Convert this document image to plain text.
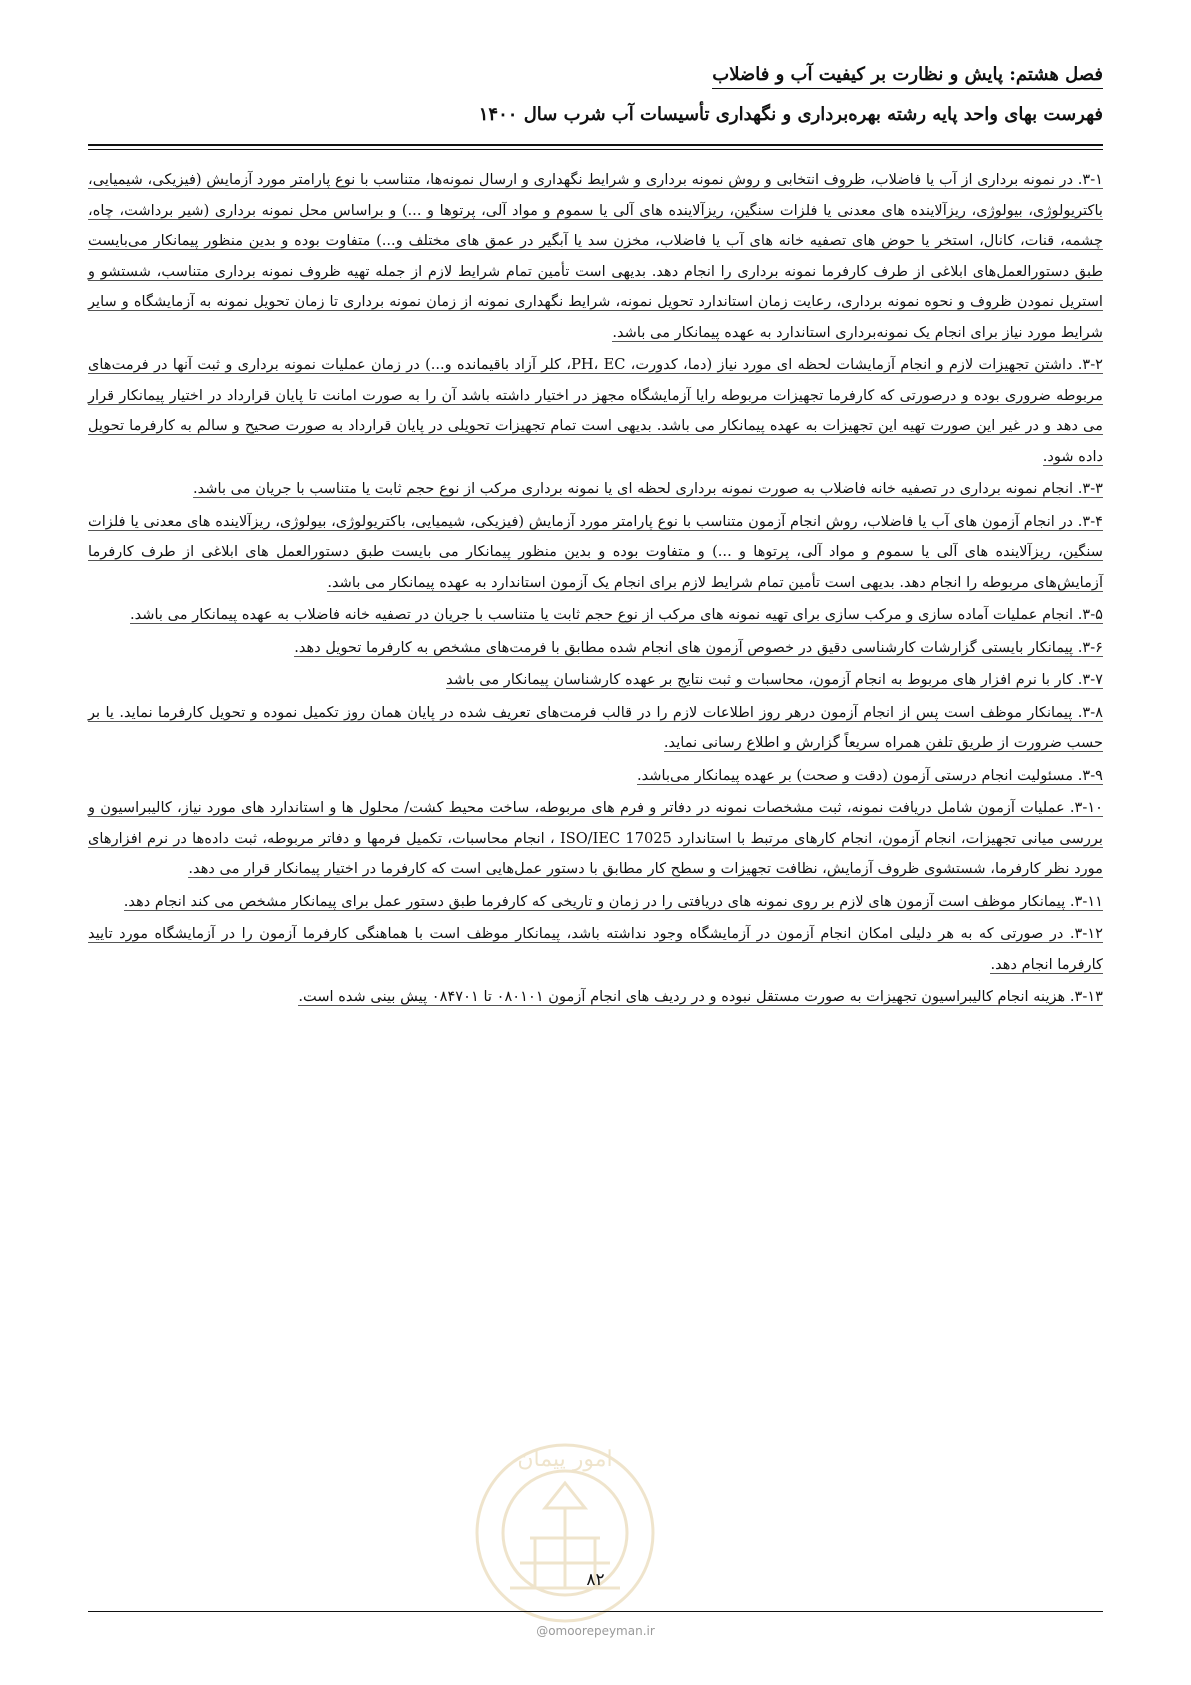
فصل هشتم: پایش و نظارت بر کیفیت آب و فاضلاب
فهرست بهای واحد پایه رشته بهره‌برداری و نگهداری تأسیسات آب شرب سال ۱۴۰۰

۳-۱. در نمونه برداری از آب یا فاضلاب، ظروف انتخابی و روش نمونه برداری و شرایط نگهداری و ارسال نمونه‌ها، متناسب با نوع پارامتر مورد آزمایش (فیزیکی، شیمیایی، باکتریولوژی، بیولوژی، ریزآلاینده های معدنی یا فلزات سنگین، ریزآلاینده های آلی یا سموم و مواد آلی، پرتوها و ...) و براساس محل نمونه برداری (شیر برداشت، چاه، چشمه، قنات، کانال، استخر یا حوض های تصفیه خانه های آب یا فاضلاب، مخزن سد یا آبگیر در عمق های مختلف و...) متفاوت بوده و بدین منظور پیمانکار می‌بایست طبق دستورالعمل‌های ابلاغی از طرف کارفرما نمونه برداری را انجام دهد. بدیهی است تأمین تمام شرایط لازم از جمله تهیه ظروف نمونه برداری متناسب، شستشو و استریل نمودن ظروف و نحوه نمونه برداری، رعایت زمان استاندارد تحویل نمونه، شرایط نگهداری نمونه از زمان نمونه برداری تا زمان تحویل نمونه به آزمایشگاه و سایر شرایط مورد نیاز برای انجام یک نمونه‌برداری استاندارد به عهده پیمانکار می باشد.

۳-۲. داشتن تجهیزات لازم و انجام آزمایشات لحظه ای مورد نیاز (دما، کدورت، PH، EC، کلر آزاد باقیمانده و...) در زمان عملیات نمونه برداری و ثبت آنها در فرمت‌های مربوطه ضروری بوده و درصورتی که کارفرما تجهیزات مربوطه رایا آزمایشگاه مجهز در اختیار داشته باشد آن را به صورت امانت تا پایان قرارداد در اختیار پیمانکار قرار می دهد و در غیر این صورت تهیه این تجهیزات به عهده پیمانکار می باشد. بدیهی است تمام تجهیزات تحویلی در پایان قرارداد به صورت صحیح و سالم به کارفرما تحویل داده شود.

۳-۳. انجام نمونه برداری در تصفیه خانه فاضلاب به صورت نمونه برداری لحظه ای یا نمونه برداری مرکب از نوع حجم ثابت یا متناسب با جریان می باشد.

۳-۴. در انجام آزمون های آب یا فاضلاب، روش انجام آزمون متناسب با نوع پارامتر مورد آزمایش (فیزیکی، شیمیایی، باکتریولوژی، بیولوژی، ریزآلاینده های معدنی یا فلزات سنگین، ریزآلاینده های آلی یا سموم و مواد آلی، پرتوها و ...) و متفاوت بوده و بدین منظور پیمانکار می بایست طبق دستورالعمل های ابلاغی از طرف کارفرما آزمایش‌های مربوطه را انجام دهد. بدیهی است تأمین تمام شرایط لازم برای انجام یک آزمون استاندارد به عهده پیمانکار می باشد.

۳-۵. انجام عملیات آماده سازی و مرکب سازی برای تهیه نمونه های مرکب از نوع حجم ثابت یا متناسب با جریان در تصفیه خانه فاضلاب به عهده پیمانکار می باشد.

۳-۶. پیمانکار بایستی گزارشات کارشناسی دقیق در خصوص آزمون های انجام شده مطابق با فرمت‌های مشخص به کارفرما تحویل دهد.

۳-۷. کار با نرم افزار های مربوط به انجام آزمون، محاسبات و ثبت نتایج بر عهده کارشناسان پیمانکار می باشد

۳-۸. پیمانکار موظف است پس از انجام آزمون درهر روز اطلاعات لازم را در قالب فرمت‌های تعریف شده در پایان همان روز تکمیل نموده و تحویل کارفرما نماید. یا بر حسب ضرورت از طریق تلفن همراه سریعاً گزارش و اطلاع رسانی نماید.

۳-۹. مسئولیت انجام درستی آزمون (دقت و صحت) بر عهده پیمانکار می‌باشد.

۳-۱۰. عملیات آزمون شامل دریافت نمونه، ثبت مشخصات نمونه در دفاتر و فرم های مربوطه، ساخت محیط کشت/ محلول ها و استاندارد های مورد نیاز، کالیبراسیون و بررسی میانی تجهیزات، انجام آزمون، انجام کارهای مرتبط با استاندارد ISO/IEC 17025 ، انجام محاسبات، تکمیل فرمها و دفاتر مربوطه، ثبت داده‌ها در نرم افزارهای مورد نظر کارفرما، شستشوی ظروف آزمایش، نظافت تجهیزات و سطح کار مطابق با دستور عمل‌هایی است که کارفرما در اختیار پیمانکار قرار می دهد.

۳-۱۱. پیمانکار موظف است آزمون های لازم بر روی نمونه های دریافتی را در زمان و تاریخی که کارفرما طبق دستور عمل برای پیمانکار مشخص می کند انجام دهد.

۳-۱۲. در صورتی که به هر دلیلی امکان انجام آزمون در آزمایشگاه وجود نداشته باشد، پیمانکار موظف است با هماهنگی کارفرما آزمون را در آزمایشگاه مورد تایید کارفرما انجام دهد.

۳-۱۳. هزینه انجام کالیبراسیون تجهیزات به صورت مستقل نبوده و در ردیف های انجام آزمون ۰۸۰۱۰۱ تا ۰۸۴۷۰۱ پیش بینی شده است.

امور پیمان
۸۲
@omoorepeyman.ir
